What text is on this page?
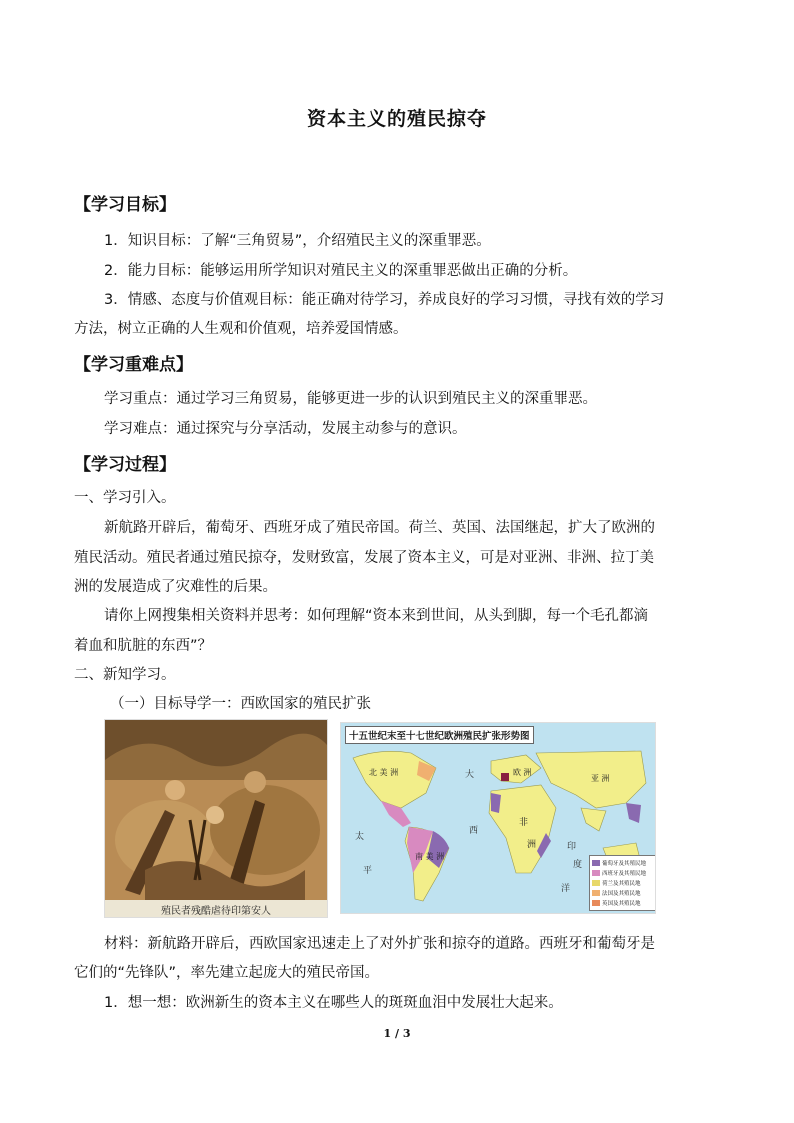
资本主义的殖民掠夺
【学习目标】
1．知识目标：了解“三角贸易”，介绍殖民主义的深重罪恶。
2．能力目标：能够运用所学知识对殖民主义的深重罪恶做出正确的分析。
3．情感、态度与价值观目标：能正确对待学习，养成良好的学习习惯，寻找有效的学习
方法，树立正确的人生观和价值观，培养爱国情感。
【学习重难点】
学习重点：通过学习三角贸易，能够更进一步的认识到殖民主义的深重罪恶。
学习难点：通过探究与分享活动，发展主动参与的意识。
【学习过程】
一、学习引入。
新航路开辟后，葡萄牙、西班牙成了殖民帝国。荷兰、英国、法国继起，扩大了欧洲的
殖民活动。殖民者通过殖民掠夺，发财致富，发展了资本主义，可是对亚洲、非洲、拉丁美
洲的发展造成了灾难性的后果。
请你上网搜集相关资料并思考：如何理解“资本来到世间，从头到脚，每一个毛孔都滴
着血和肮脏的东西”？
二、新知学习。
（一）目标导学一：西欧国家的殖民扩张
殖民者残酷虐待印第安人
十五世纪末至十七世纪欧洲殖民扩张形势图
北 美 洲
南 美 洲
欧 洲
非
洲
亚 洲
大
西
太
平
印
度
洋
葡萄牙及其殖民地
西班牙及其殖民地
荷兰及其殖民地
法国及其殖民地
英国及其殖民地
材料：新航路开辟后，西欧国家迅速走上了对外扩张和掠夺的道路。西班牙和葡萄牙是
它们的“先锋队”，率先建立起庞大的殖民帝国。
1．想一想：欧洲新生的资本主义在哪些人的斑斑血泪中发展壮大起来。
1 / 3
